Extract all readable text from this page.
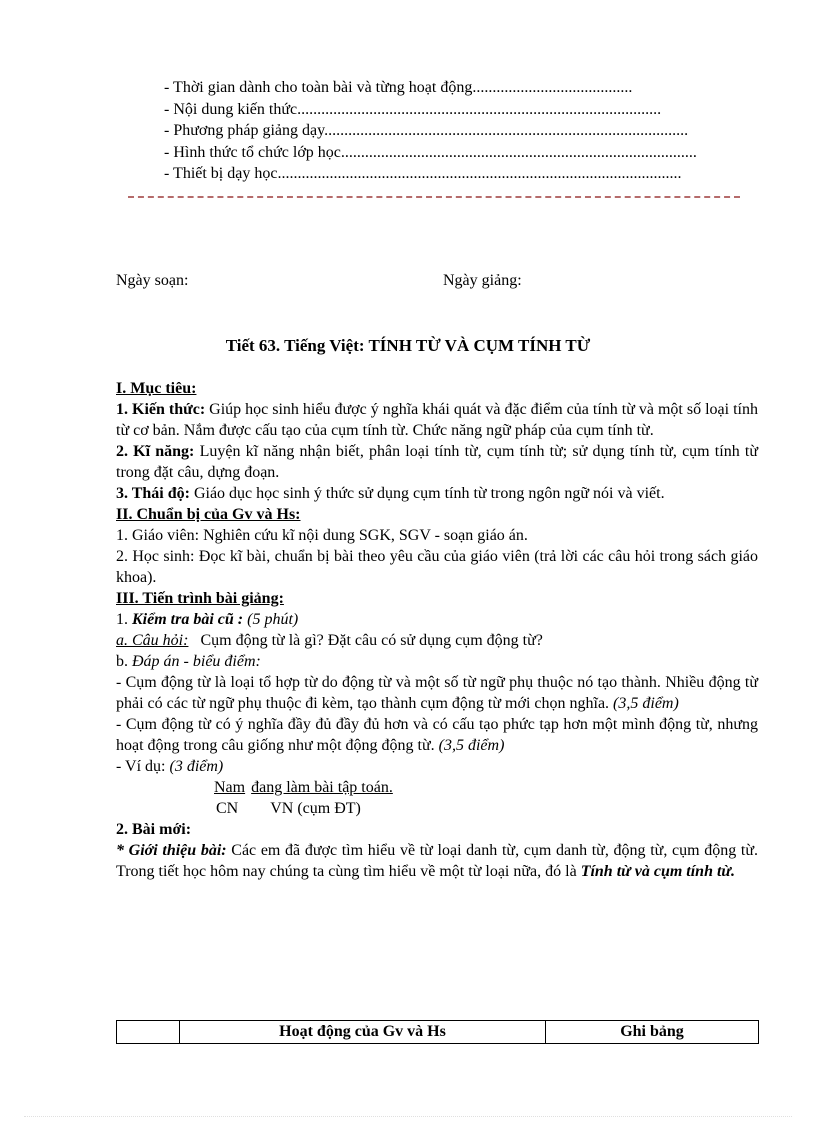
- Thời gian dành cho toàn bài và từng hoạt động........................................
- Nội dung kiến thức...........................................................................................
- Phương pháp giảng dạy...........................................................................................
- Hình thức tổ chức lớp học.........................................................................................
- Thiết bị dạy học.....................................................................................................
Ngày soạn:	Ngày giảng:
Tiết 63. Tiếng Việt: TÍNH TỪ VÀ CỤM TÍNH TỪ

I. Mục tiêu:

1. Kiến thức: Giúp học sinh hiểu được ý nghĩa khái quát và đặc điểm của tính từ và một số loại tính từ cơ bản. Nắm được cấu tạo của cụm tính từ. Chức năng ngữ pháp của cụm tính từ.

2. Kĩ năng: Luyện kĩ năng nhận biết, phân loại tính từ, cụm tính từ; sử dụng tính từ, cụm tính từ trong đặt câu, dựng đoạn.

3. Thái độ: Giáo dục học sinh ý thức sử dụng cụm tính từ trong ngôn ngữ nói và viết.

II. Chuẩn bị của Gv và Hs:

1. Giáo viên: Nghiên cứu kĩ nội dung SGK, SGV - soạn giáo án.

2. Học sinh: Đọc kĩ bài, chuẩn bị bài theo yêu cầu của giáo viên (trả lời các câu hỏi trong sách giáo khoa).

III. Tiến trình bài giảng:

1. Kiểm tra bài cũ : (5 phút)

a. Câu hỏi:   Cụm động từ là gì? Đặt câu có sử dụng cụm động từ?

b. Đáp án - biểu điểm:

- Cụm động từ là loại tổ hợp từ do động từ và một số từ ngữ phụ thuộc nó tạo thành. Nhiều động từ phải có các từ ngữ phụ thuộc đi kèm, tạo thành cụm động từ mới chọn nghĩa. (3,5 điểm)

- Cụm động từ có ý nghĩa đầy đủ đầy đủ hơn và có cấu tạo phức tạp hơn một mình động từ, nhưng hoạt động trong câu giống như một động động từ. (3,5 điểm)

- Ví dụ: (3 điểm)

Nam đang làm bài tập toán.

CN VN (cụm ĐT)

2. Bài mới:

* Giới thiệu bài: Các em đã được tìm hiểu về từ loại danh từ, cụm danh từ, động từ, cụm động từ. Trong tiết học hôm nay chúng ta cùng tìm hiểu về một từ loại nữa, đó là Tính từ và cụm tính từ.

	Hoạt động của Gv và Hs	Ghi bảng
